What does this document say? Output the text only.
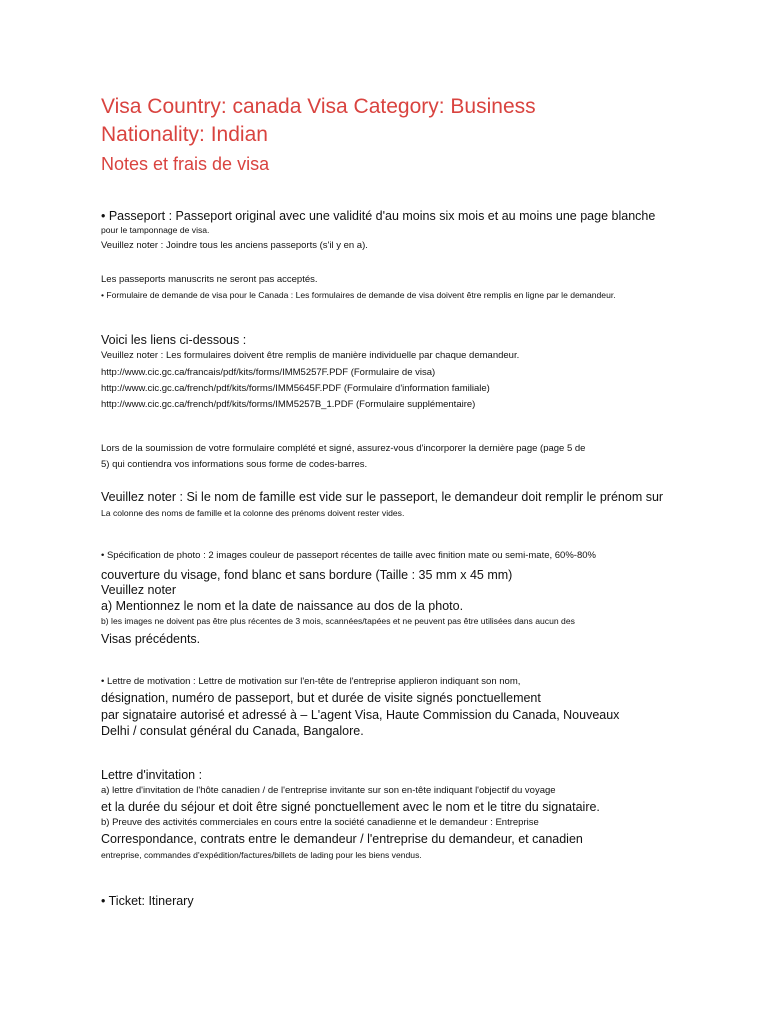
Visa Country: canada Visa Category: Business
Nationality: Indian
Notes et frais de visa
• Passeport : Passeport original avec une validité d'au moins six mois et au moins une page blanche
pour le tamponnage de visa.
Veuillez noter : Joindre tous les anciens passeports (s'il y en a).
Les passeports manuscrits ne seront pas acceptés.
• Formulaire de demande de visa pour le Canada : Les formulaires de demande de visa doivent être remplis en ligne par le demandeur.
Voici les liens ci-dessous :
Veuillez noter : Les formulaires doivent être remplis de manière individuelle par chaque demandeur.
http://www.cic.gc.ca/francais/pdf/kits/forms/IMM5257F.PDF (Formulaire de visa)
http://www.cic.gc.ca/french/pdf/kits/forms/IMM5645F.PDF (Formulaire d'information familiale)
http://www.cic.gc.ca/french/pdf/kits/forms/IMM5257B_1.PDF (Formulaire supplémentaire)
Lors de la soumission de votre formulaire complété et signé, assurez-vous d'incorporer la dernière page (page 5 de
5) qui contiendra vos informations sous forme de codes-barres.
Veuillez noter : Si le nom de famille est vide sur le passeport, le demandeur doit remplir le prénom sur
La colonne des noms de famille et la colonne des prénoms doivent rester vides.
• Spécification de photo : 2 images couleur de passeport récentes de taille avec finition mate ou semi-mate, 60%-80%
couverture du visage, fond blanc et sans bordure (Taille : 35 mm x 45 mm)
Veuillez noter
a) Mentionnez le nom et la date de naissance au dos de la photo.
b) les images ne doivent pas être plus récentes de 3 mois, scannées/tapées et ne peuvent pas être utilisées dans aucun des
Visas précédents.
• Lettre de motivation : Lettre de motivation sur l'en-tête de l'entreprise applieron indiquant son nom,
désignation, numéro de passeport, but et durée de visite signés ponctuellement
par signataire autorisé et adressé à – L'agent Visa, Haute Commission du Canada, Nouveaux
Delhi / consulat général du Canada, Bangalore.
Lettre d'invitation :
a) lettre d'invitation de l'hôte canadien / de l'entreprise invitante sur son en-tête indiquant l'objectif du voyage
et la durée du séjour et doit être signé ponctuellement avec le nom et le titre du signataire.
b) Preuve des activités commerciales en cours entre la société canadienne et le demandeur : Entreprise
Correspondance, contrats entre le demandeur / l'entreprise du demandeur, et canadien
entreprise, commandes d'expédition/factures/billets de lading pour les biens vendus.
• Ticket: Itinerary
